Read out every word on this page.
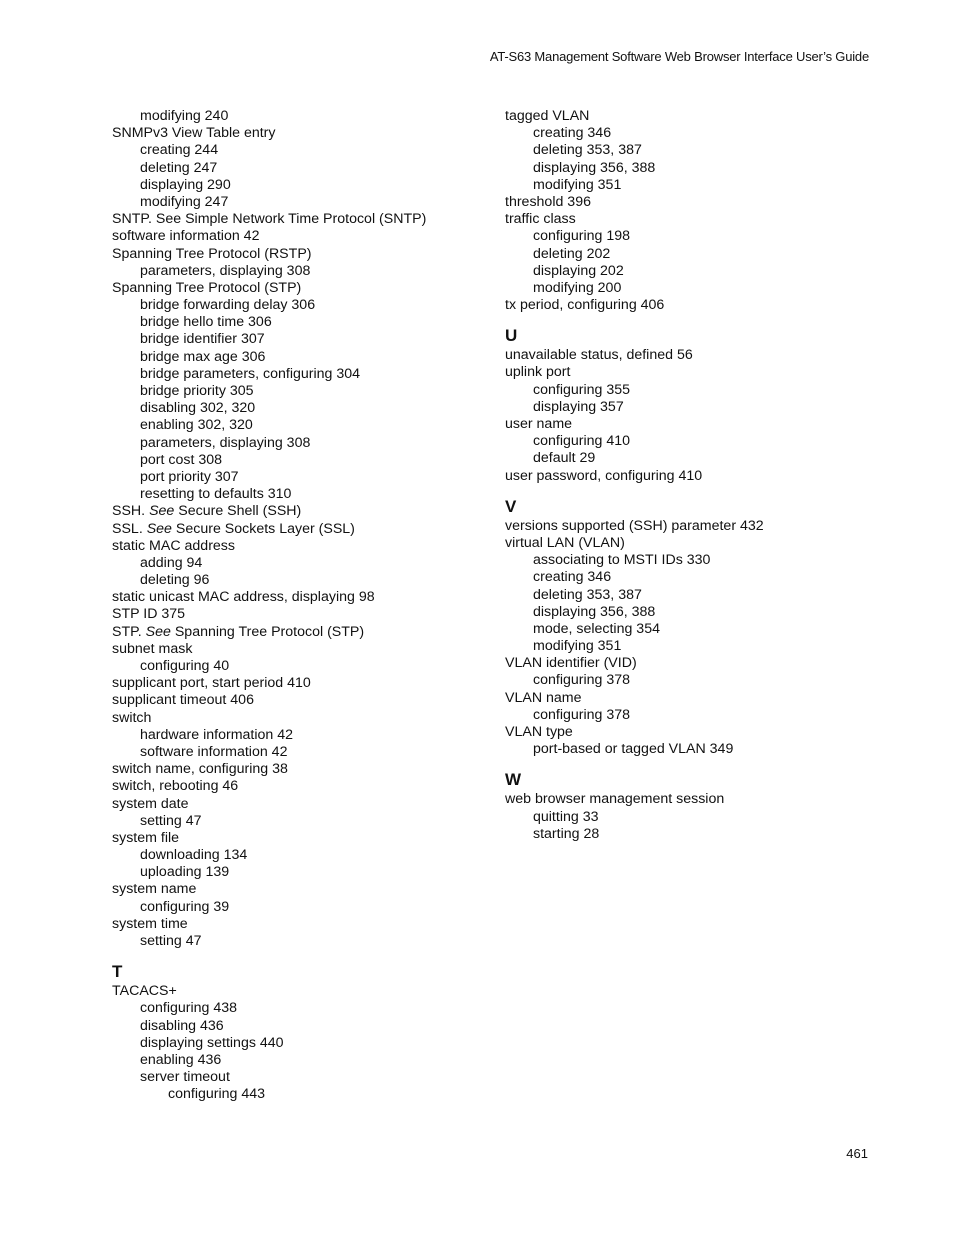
AT-S63 Management Software Web Browser Interface User’s Guide
modifying 240
SNMPv3 View Table entry
creating 244
deleting 247
displaying 290
modifying 247
SNTP. See Simple Network Time Protocol (SNTP)
software information 42
Spanning Tree Protocol (RSTP)
parameters, displaying 308
Spanning Tree Protocol (STP)
bridge forwarding delay 306
bridge hello time 306
bridge identifier 307
bridge max age 306
bridge parameters, configuring 304
bridge priority 305
disabling 302, 320
enabling 302, 320
parameters, displaying 308
port cost 308
port priority 307
resetting to defaults 310
SSH. See Secure Shell (SSH)
SSL. See Secure Sockets Layer (SSL)
static MAC address
adding 94
deleting 96
static unicast MAC address, displaying 98
STP ID 375
STP. See Spanning Tree Protocol (STP)
subnet mask
configuring 40
supplicant port, start period 410
supplicant timeout 406
switch
hardware information 42
software information 42
switch name, configuring 38
switch, rebooting 46
system date
setting 47
system file
downloading 134
uploading 139
system name
configuring 39
system time
setting 47
T
TACACS+
configuring 438
disabling 436
displaying settings 440
enabling 436
server timeout
configuring 443
tagged VLAN
creating 346
deleting 353, 387
displaying 356, 388
modifying 351
threshold 396
traffic class
configuring 198
deleting 202
displaying 202
modifying 200
tx period, configuring 406
U
unavailable status, defined 56
uplink port
configuring 355
displaying 357
user name
configuring 410
default 29
user password, configuring 410
V
versions supported (SSH) parameter 432
virtual LAN (VLAN)
associating to MSTI IDs 330
creating 346
deleting 353, 387
displaying 356, 388
mode, selecting 354
modifying 351
VLAN identifier (VID)
configuring 378
VLAN name
configuring 378
VLAN type
port-based or tagged VLAN 349
W
web browser management session
quitting 33
starting 28
461
